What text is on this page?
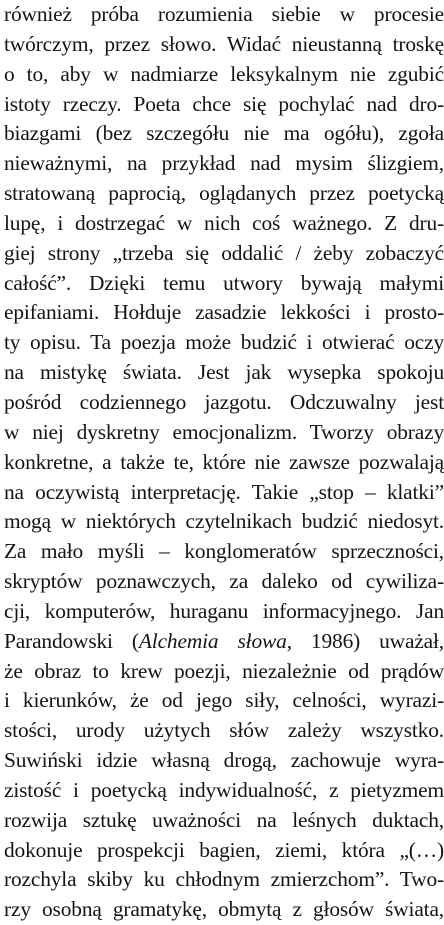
również próba rozumienia siebie w procesie
twórczym, przez słowo. Widać nieustanną troskę
o to, aby w nadmiarze leksykalnym nie zgubić
istoty rzeczy. Poeta chce się pochylać nad dro-
biazgami (bez szczegółu nie ma ogółu), zgoła
nieważnymi, na przykład nad mysim ślizgiem,
stratowaną paprocią, oglądanych przez poetycką
lupę, i dostrzegać w nich coś ważnego. Z dru-
giej strony „trzeba się oddalić / żeby zobaczyć
całość”. Dzięki temu utwory bywają małymi
epifaniami. Hołduje zasadzie lekkości i prosto-
ty opisu. Ta poezja może budzić i otwierać oczy
na mistykę świata. Jest jak wysepka spokoju
pośród codziennego jazgotu. Odczuwalny jest
w niej dyskretny emocjonalizm. Tworzy obrazy
konkretne, a także te, które nie zawsze pozwalają
na oczywistą interpretację. Takie „stop – klatki”
mogą w niektórych czytelnikach budzić niedosyt.
Za mało myśli – konglomeratów sprzeczności,
skryptów poznawczych, za daleko od cywiliza-
cji, komputerów, huraganu informacyjnego. Jan
Parandowski (Alchemia słowa, 1986) uważał,
że obraz to krew poezji, niezależnie od prądów
i kierunków, że od jego siły, celności, wyrazi-
stości, urody użytych słów zależy wszystko.
Suwiński idzie własną drogą, zachowuje wyra-
zistość i poetycką indywidualność, z pietyzmem
rozwija sztukę uważności na leśnych duktach,
dokonuje prospekcji bagien, ziemi, która „(…)
rozchyla skiby ku chłodnym zmierzchom”. Two-
rzy osobną gramatykę, obmytą z głosów świata,
